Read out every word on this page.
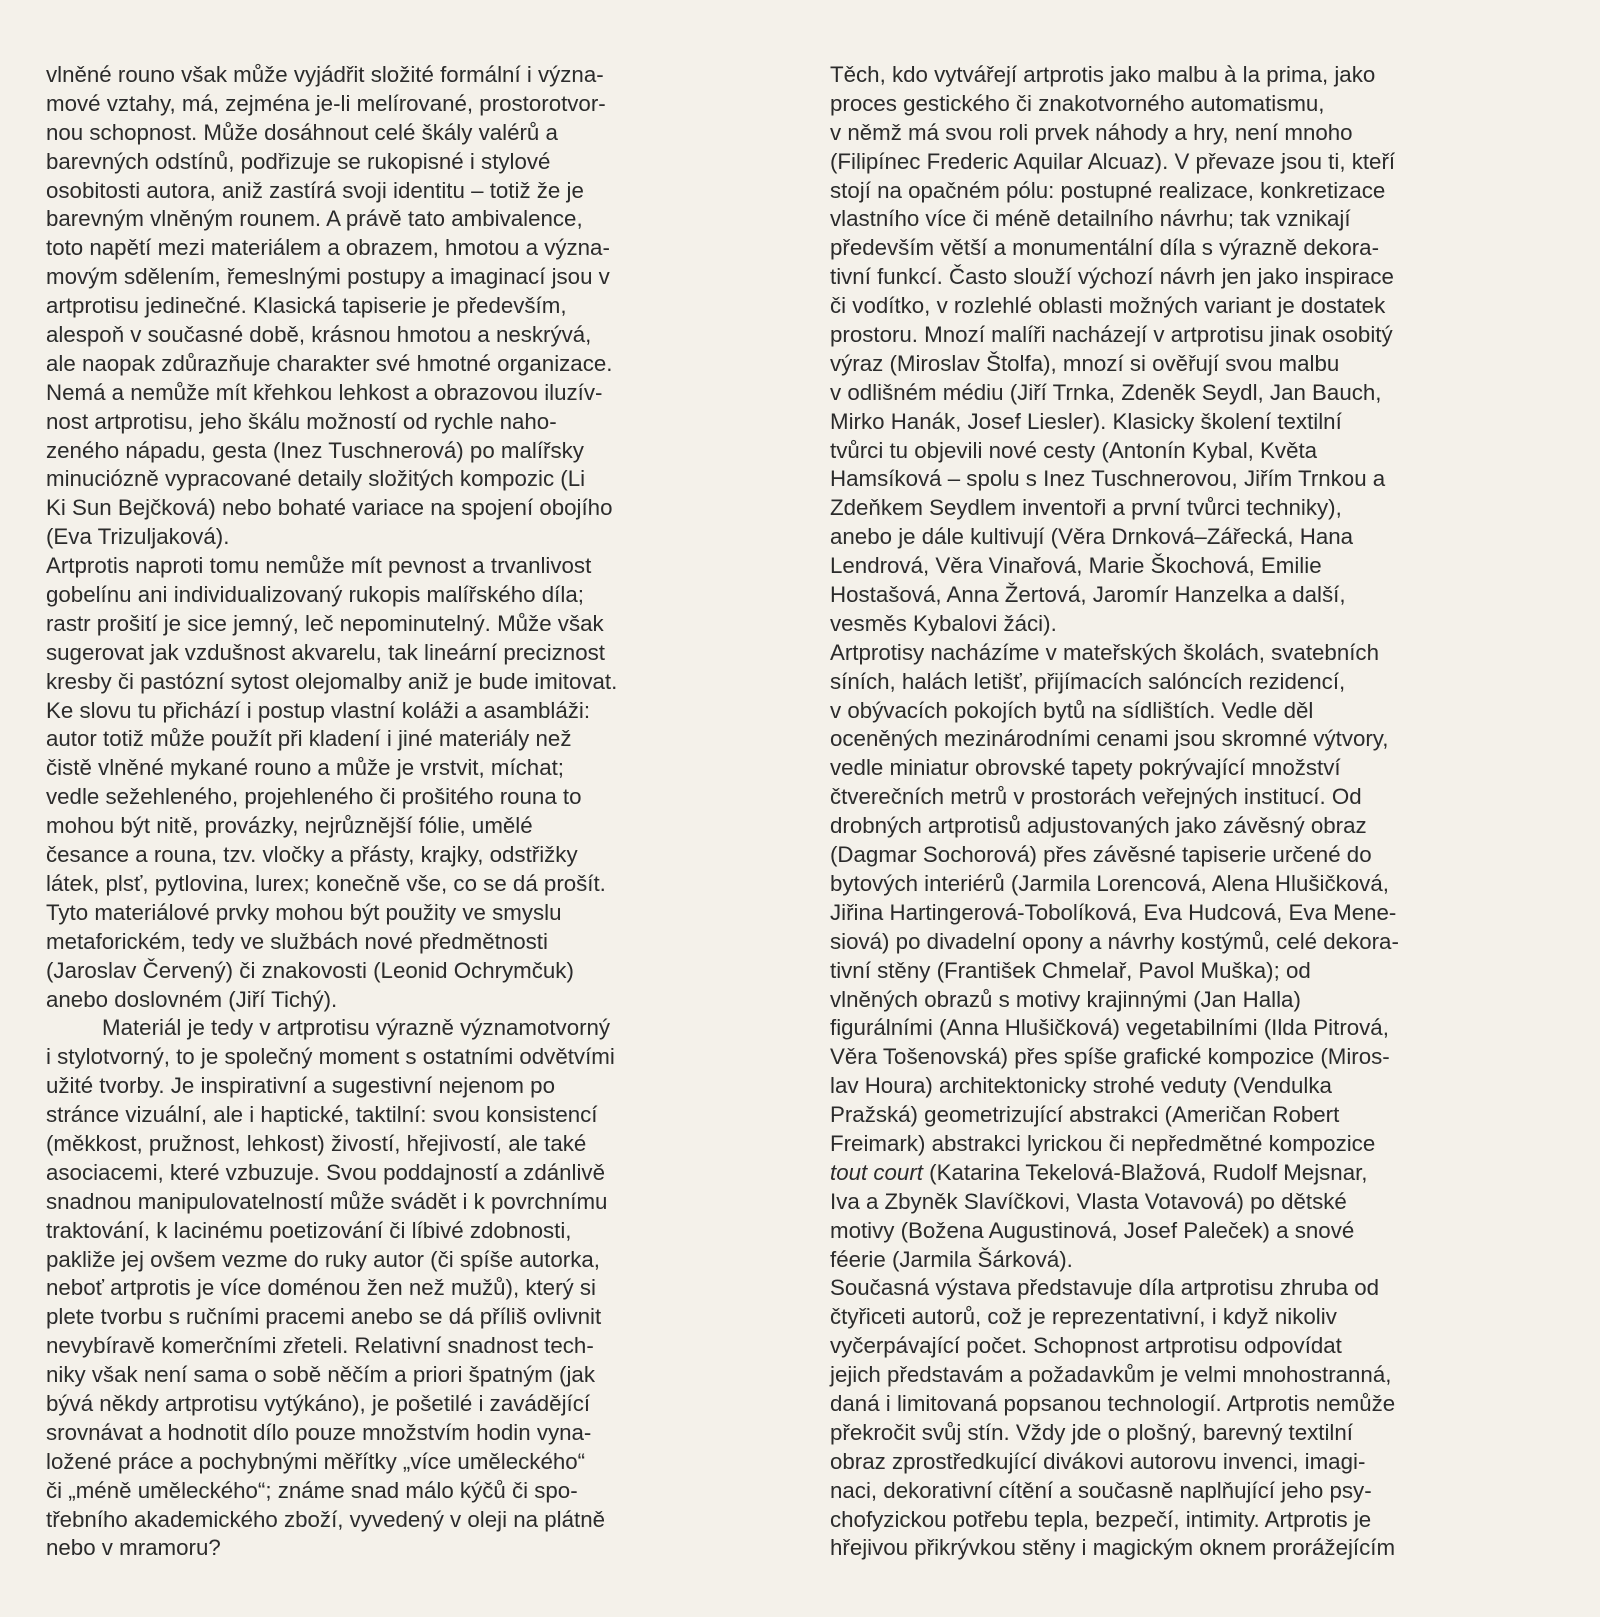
vlněné rouno však může vyjádřit složité formální i význa-
mové vztahy, má, zejména je-li melírované, prostorotvor-
nou schopnost. Může dosáhnout celé škály valérů a
barevných odstínů, podřizuje se rukopisné i stylové
osobitosti autora, aniž zastírá svoji identitu – totiž že je
barevným vlněným rounem. A právě tato ambivalence,
toto napětí mezi materiálem a obrazem, hmotou a význa-
movým sdělením, řemeslnými postupy a imaginací jsou v
artprotisu jedinečné. Klasická tapiserie je především,
alespoň v současné době, krásnou hmotou a neskrývá,
ale naopak zdůrazňuje charakter své hmotné organizace.
Nemá a nemůže mít křehkou lehkost a obrazovou iluzív-
nost artprotisu, jeho škálu možností od rychle naho-
zeného nápadu, gesta (Inez Tuschnerová) po malířsky
minuciózně vypracované detaily složitých kompozic (Li
Ki Sun Bejčková) nebo bohaté variace na spojení obojího
(Eva Trizuljaková).
Artprotis naproti tomu nemůže mít pevnost a trvanlivost
gobelínu ani individualizovaný rukopis malířského díla;
rastr prošití je sice jemný, leč nepominutelný. Může však
sugerovat jak vzdušnost akvarelu, tak lineární preciznost
kresby či pastózní sytost olejomalby aniž je bude imitovat.
Ke slovu tu přichází i postup vlastní koláži a asambláži:
autor totiž může použít při kladení i jiné materiály než
čistě vlněné mykané rouno a může je vrstvit, míchat;
vedle sežehleného, projehleného či prošitého rouna to
mohou být nitě, provázky, nejrůznější fólie, umělé
česance a rouna, tzv. vločky a přásty, krajky, odstřižky
látek, plsť, pytlovina, lurex; konečně vše, co se dá prošít.
Tyto materiálové prvky mohou být použity ve smyslu
metaforickém, tedy ve službách nové předmětnosti
(Jaroslav Červený) či znakovosti (Leonid Ochrymčuk)
anebo doslovném (Jiří Tichý).
Materiál je tedy v artprotisu výrazně významotvorný
i stylotvorný, to je společný moment s ostatními odvětvími
užité tvorby. Je inspirativní a sugestivní nejenom po
stránce vizuální, ale i haptické, taktilní: svou konsistencí
(měkkost, pružnost, lehkost) živostí, hřejivostí, ale také
asociacemi, které vzbuzuje. Svou poddajností a zdánlivě
snadnou manipulovatelností může svádět i k povrchnímu
traktování, k lacinému poetizování či líbivé zdobnosti,
pakliže jej ovšem vezme do ruky autor (či spíše autorka,
neboť artprotis je více doménou žen než mužů), který si
plete tvorbu s ručními pracemi anebo se dá příliš ovlivnit
nevybíravě komerčními zřeteli. Relativní snadnost tech-
niky však není sama o sobě něčím a priori špatným (jak
bývá někdy artprotisu vytýkáno), je pošetilé i zavádějící
srovnávat a hodnotit dílo pouze množstvím hodin vyna-
ložené práce a pochybnými měřítky „více uměleckého“
či „méně uměleckého“; známe snad málo kýčů či spo-
třebního akademického zboží, vyvedený v oleji na plátně
nebo v mramoru?
Těch, kdo vytvářejí artprotis jako malbu à la prima, jako
proces gestického či znakotvorného automatismu,
v němž má svou roli prvek náhody a hry, není mnoho
(Filipínec Frederic Aquilar Alcuaz). V převaze jsou ti, kteří
stojí na opačném pólu: postupné realizace, konkretizace
vlastního více či méně detailního návrhu; tak vznikají
především větší a monumentální díla s výrazně dekora-
tivní funkcí. Často slouží výchozí návrh jen jako inspirace
či vodítko, v rozlehlé oblasti možných variant je dostatek
prostoru. Mnozí malíři nacházejí v artprotisu jinak osobitý
výraz (Miroslav Štolfa), mnozí si ověřují svou malbu
v odlišném médiu (Jiří Trnka, Zdeněk Seydl, Jan Bauch,
Mirko Hanák, Josef Liesler). Klasicky školení textilní
tvůrci tu objevili nové cesty (Antonín Kybal, Květa
Hamsíková – spolu s Inez Tuschnerovou, Jiřím Trnkou a
Zdeňkem Seydlem inventoři a první tvůrci techniky),
anebo je dále kultivují (Věra Drnková–Zářecká, Hana
Lendrová, Věra Vinařová, Marie Škochová, Emilie
Hostašová, Anna Žertová, Jaromír Hanzelka a další,
vesměs Kybalovi žáci).
Artprotisy nacházíme v mateřských školách, svatebních
síních, halách letišť, přijímacích salóncích rezidencí,
v obývacích pokojích bytů na sídlištích. Vedle děl
oceněných mezinárodními cenami jsou skromné výtvory,
vedle miniatur obrovské tapety pokrývající množství
čtverečních metrů v prostorách veřejných institucí. Od
drobných artprotisů adjustovaných jako závěsný obraz
(Dagmar Sochorová) přes závěsné tapiserie určené do
bytových interiérů (Jarmila Lorencová, Alena Hlušičková,
Jiřina Hartingerová-Tobolíková, Eva Hudcová, Eva Mene-
siová) po divadelní opony a návrhy kostýmů, celé dekora-
tivní stěny (František Chmelař, Pavol Muška); od
vlněných obrazů s motivy krajinnými (Jan Halla)
figurálními (Anna Hlušičková) vegetabilními (Ilda Pitrová,
Věra Tošenovská) přes spíše grafické kompozice (Miros-
lav Houra) architektonicky strohé veduty (Vendulka
Pražská) geometrizující abstrakci (Američan Robert
Freimark) abstrakci lyrickou či nepředmětné kompozice
tout court (Katarina Tekelová-Blažová, Rudolf Mejsnar,
Iva a Zbyněk Slavíčkovi, Vlasta Votavová) po dětské
motivy (Božena Augustinová, Josef Paleček) a snové
féerie (Jarmila Šárková).
Současná výstava představuje díla artprotisu zhruba od
čtyřiceti autorů, což je reprezentativní, i když nikoliv
vyčerpávající počet. Schopnost artprotisu odpovídat
jejich představám a požadavkům je velmi mnohostranná,
daná i limitovaná popsanou technologií. Artprotis nemůže
překročit svůj stín. Vždy jde o plošný, barevný textilní
obraz zprostředkující divákovi autorovu invenci, imagi-
naci, dekorativní cítění a současně naplňující jeho psy-
chofyzickou potřebu tepla, bezpečí, intimity. Artprotis je
hřejivou přikrývkou stěny i magickým oknem prorážejícím
